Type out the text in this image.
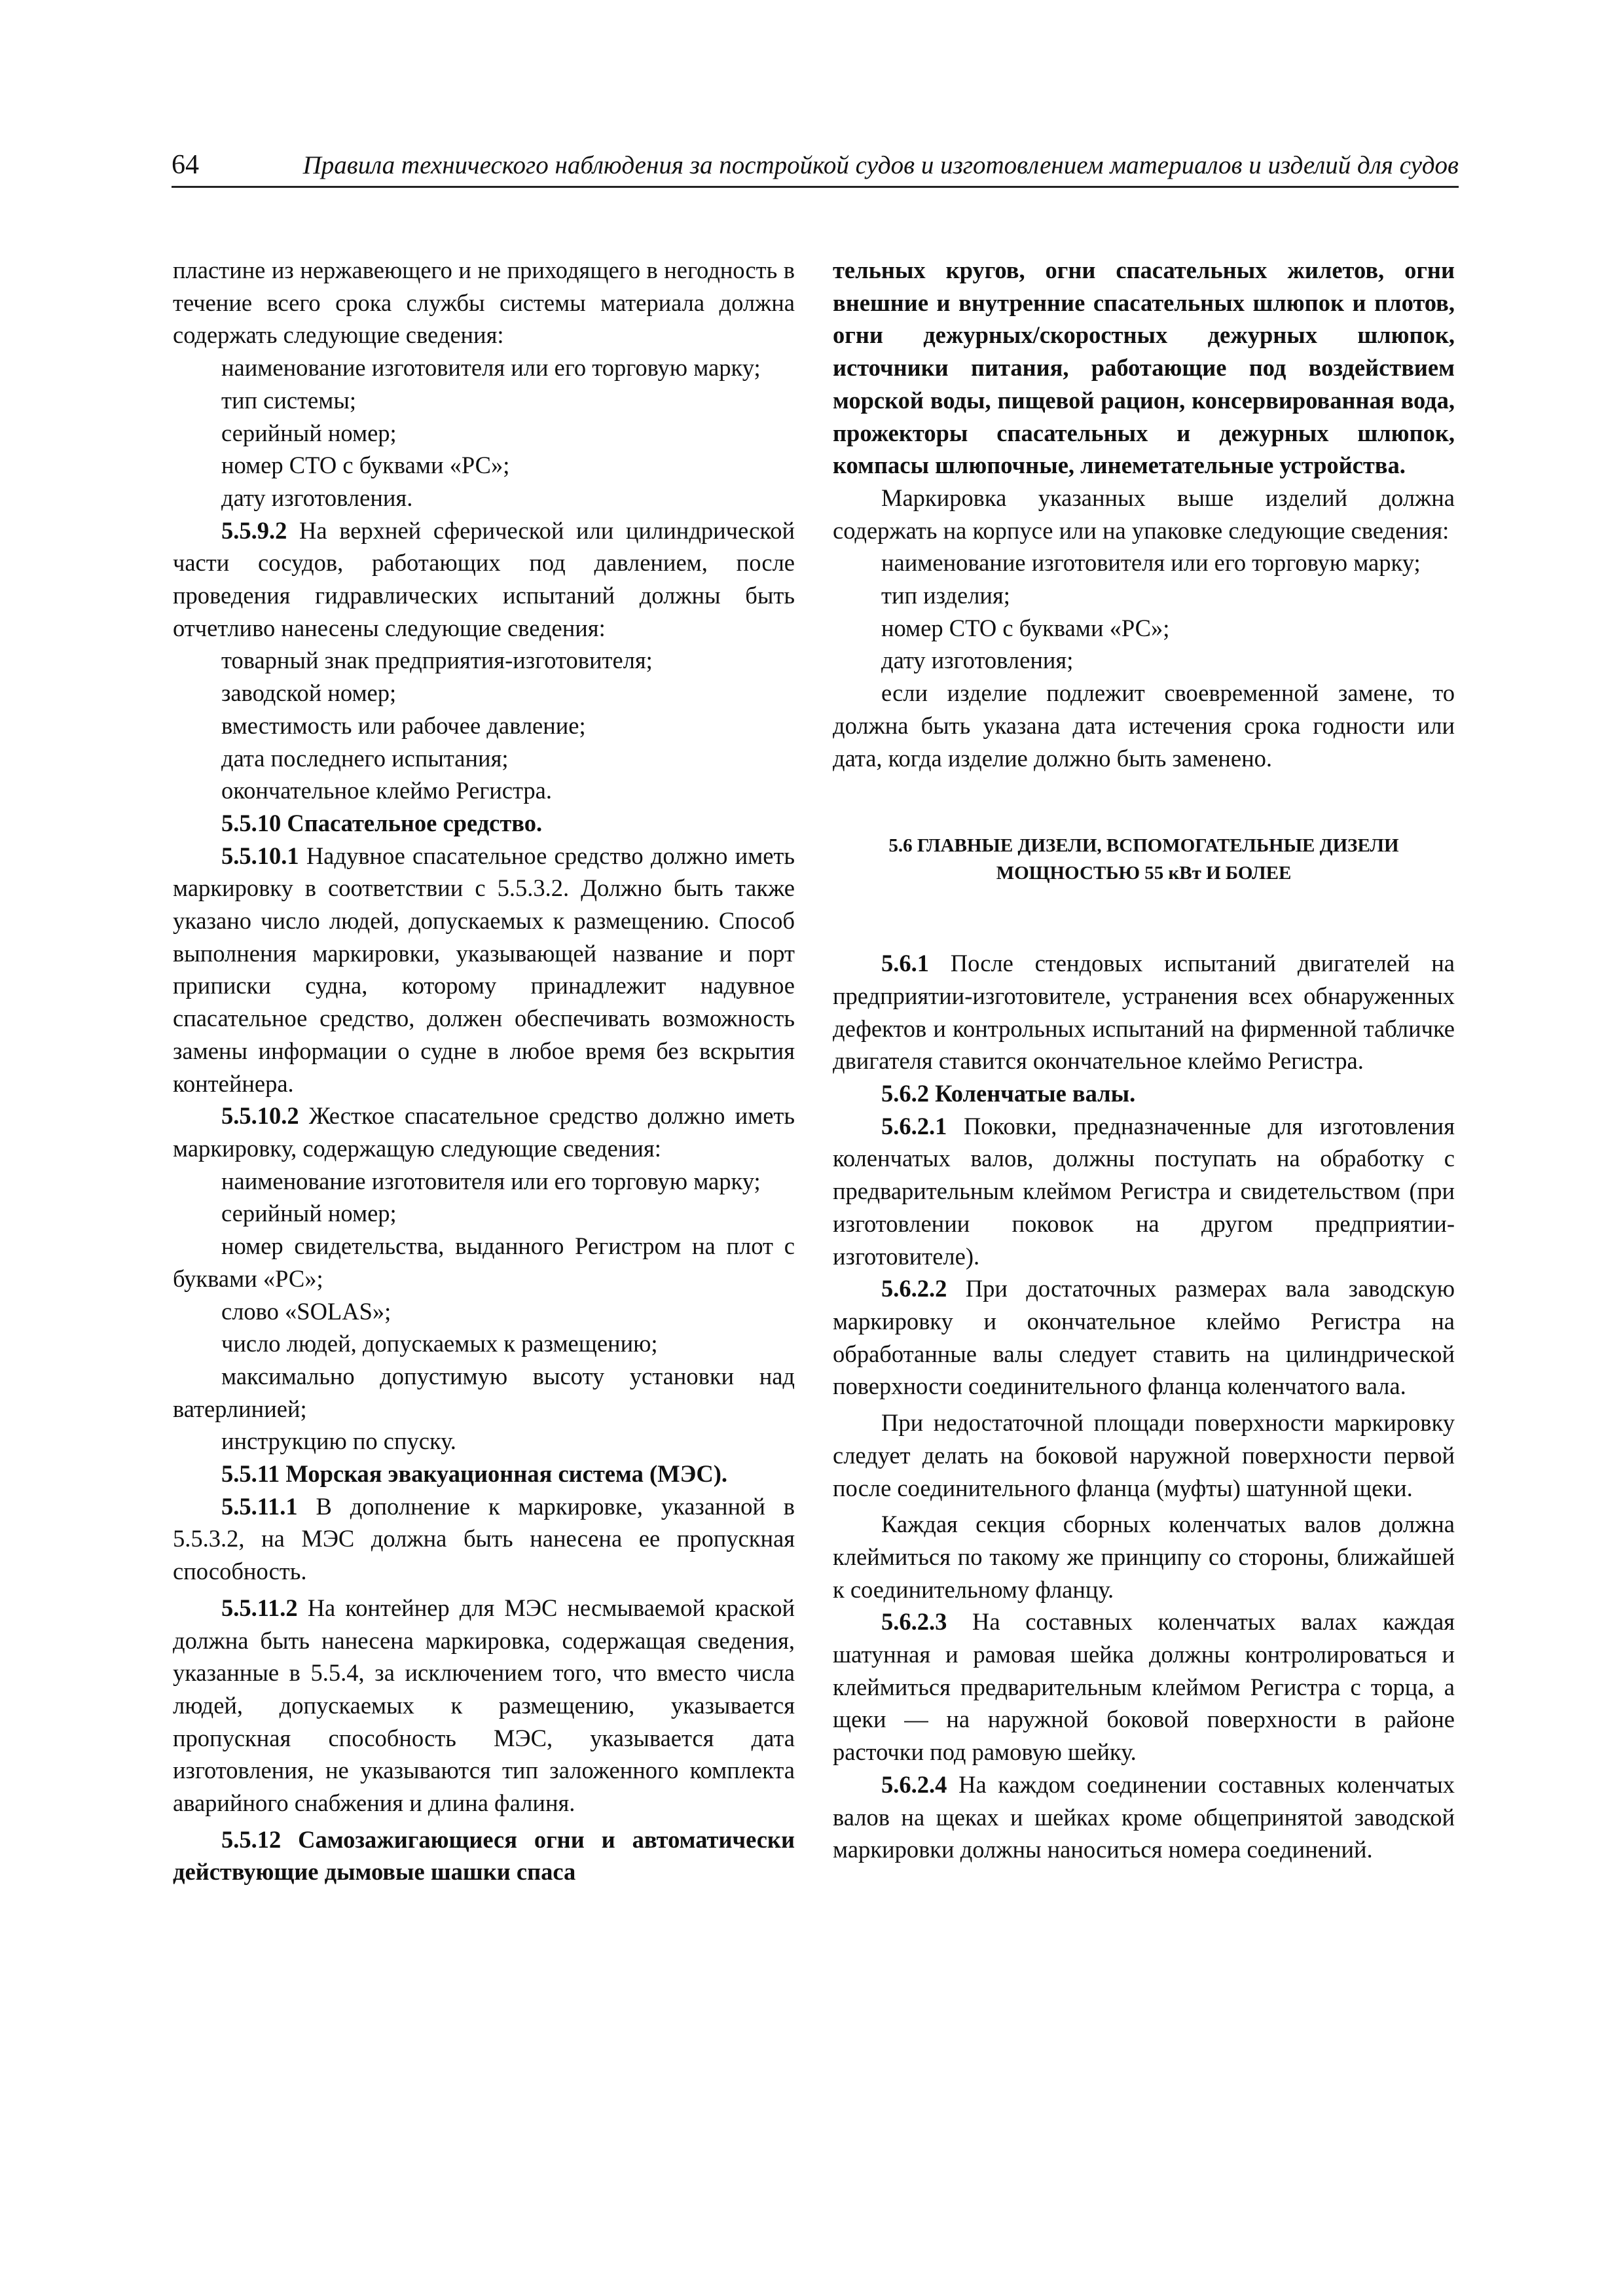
64	Правила технического наблюдения за постройкой судов и изготовлением материалов и изделий для судов

пластине из нержавеющего и не приходящего в негодность в течение всего срока службы системы материала должна содержать следующие сведения:

наименование изготовителя или его торговую марку;

тип системы;

серийный номер;

номер СТО с буквами «РС»;

дату изготовления.

5.5.9.2 На верхней сферической или цилиндрической части сосудов, работающих под давлением, после проведения гидравлических испытаний должны быть отчетливо нанесены следующие сведения:

товарный знак предприятия-изготовителя;

заводской номер;

вместимость или рабочее давление;

дата последнего испытания;

окончательное клеймо Регистра.

5.5.10 Спасательное средство.

5.5.10.1 Надувное спасательное средство должно иметь маркировку в соответствии с 5.5.3.2. Должно быть также указано число людей, допускаемых к размещению. Способ выполнения маркировки, указывающей название и порт приписки судна, которому принадлежит надувное спасательное средство, должен обеспечивать возможность замены информации о судне в любое время без вскрытия контейнера.

5.5.10.2 Жесткое спасательное средство должно иметь маркировку, содержащую следующие сведения:

наименование изготовителя или его торговую марку;

серийный номер;

номер свидетельства, выданного Регистром на плот с буквами «РС»;

слово «SOLAS»;

число людей, допускаемых к размещению;

максимально допустимую высоту установки над ватерлинией;

инструкцию по спуску.

5.5.11 Морская эвакуационная система (МЭС).

5.5.11.1 В дополнение к маркировке, указанной в 5.5.3.2, на МЭС должна быть нанесена ее пропускная способность.

5.5.11.2 На контейнер для МЭС несмываемой краской должна быть нанесена маркировка, содержащая сведения, указанные в 5.5.4, за исключением того, что вместо числа людей, допускаемых к размещению, указывается пропускная способность МЭС, указывается дата изготовления, не указываются тип заложенного комплекта аварийного снабжения и длина фалиня.

5.5.12 Самозажигающиеся огни и автоматически действующие дымовые шашки спаса

тельных кругов, огни спасательных жилетов, огни внешние и внутренние спасательных шлюпок и плотов, огни дежурных/скоростных дежурных шлюпок, источники питания, работающие под воздействием морской воды, пищевой рацион, консервированная вода, прожекторы спасательных и дежурных шлюпок, компасы шлюпочные, линеметательные устройства.

Маркировка указанных выше изделий должна содержать на корпусе или на упаковке следующие сведения:

наименование изготовителя или его торговую марку;

тип изделия;

номер СТО с буквами «РС»;

дату изготовления;

если изделие подлежит своевременной замене, то должна быть указана дата истечения срока годности или дата, когда изделие должно быть заменено.

5.6 ГЛАВНЫЕ ДИЗЕЛИ, ВСПОМОГАТЕЛЬНЫЕ ДИЗЕЛИ
МОЩНОСТЬЮ 55 кВт И БОЛЕЕ

5.6.1 После стендовых испытаний двигателей на предприятии-изготовителе, устранения всех обнаруженных дефектов и контрольных испытаний на фирменной табличке двигателя ставится окончательное клеймо Регистра.

5.6.2 Коленчатые валы.

5.6.2.1 Поковки, предназначенные для изготовления коленчатых валов, должны поступать на обработку с предварительным клеймом Регистра и свидетельством (при изготовлении поковок на другом предприятии-изготовителе).

5.6.2.2 При достаточных размерах вала заводскую маркировку и окончательное клеймо Регистра на обработанные валы следует ставить на цилиндрической поверхности соединительного фланца коленчатого вала.

При недостаточной площади поверхности маркировку следует делать на боковой наружной поверхности первой после соединительного фланца (муфты) шатунной щеки.

Каждая секция сборных коленчатых валов должна клеймиться по такому же принципу со стороны, ближайшей к соединительному фланцу.

5.6.2.3 На составных коленчатых валах каждая шатунная и рамовая шейка должны контролироваться и клеймиться предварительным клеймом Регистра с торца, а щеки — на наружной боковой поверхности в районе расточки под рамовую шейку.

5.6.2.4 На каждом соединении составных коленчатых валов на щеках и шейках кроме общепринятой заводской маркировки должны наноситься номера соединений.
